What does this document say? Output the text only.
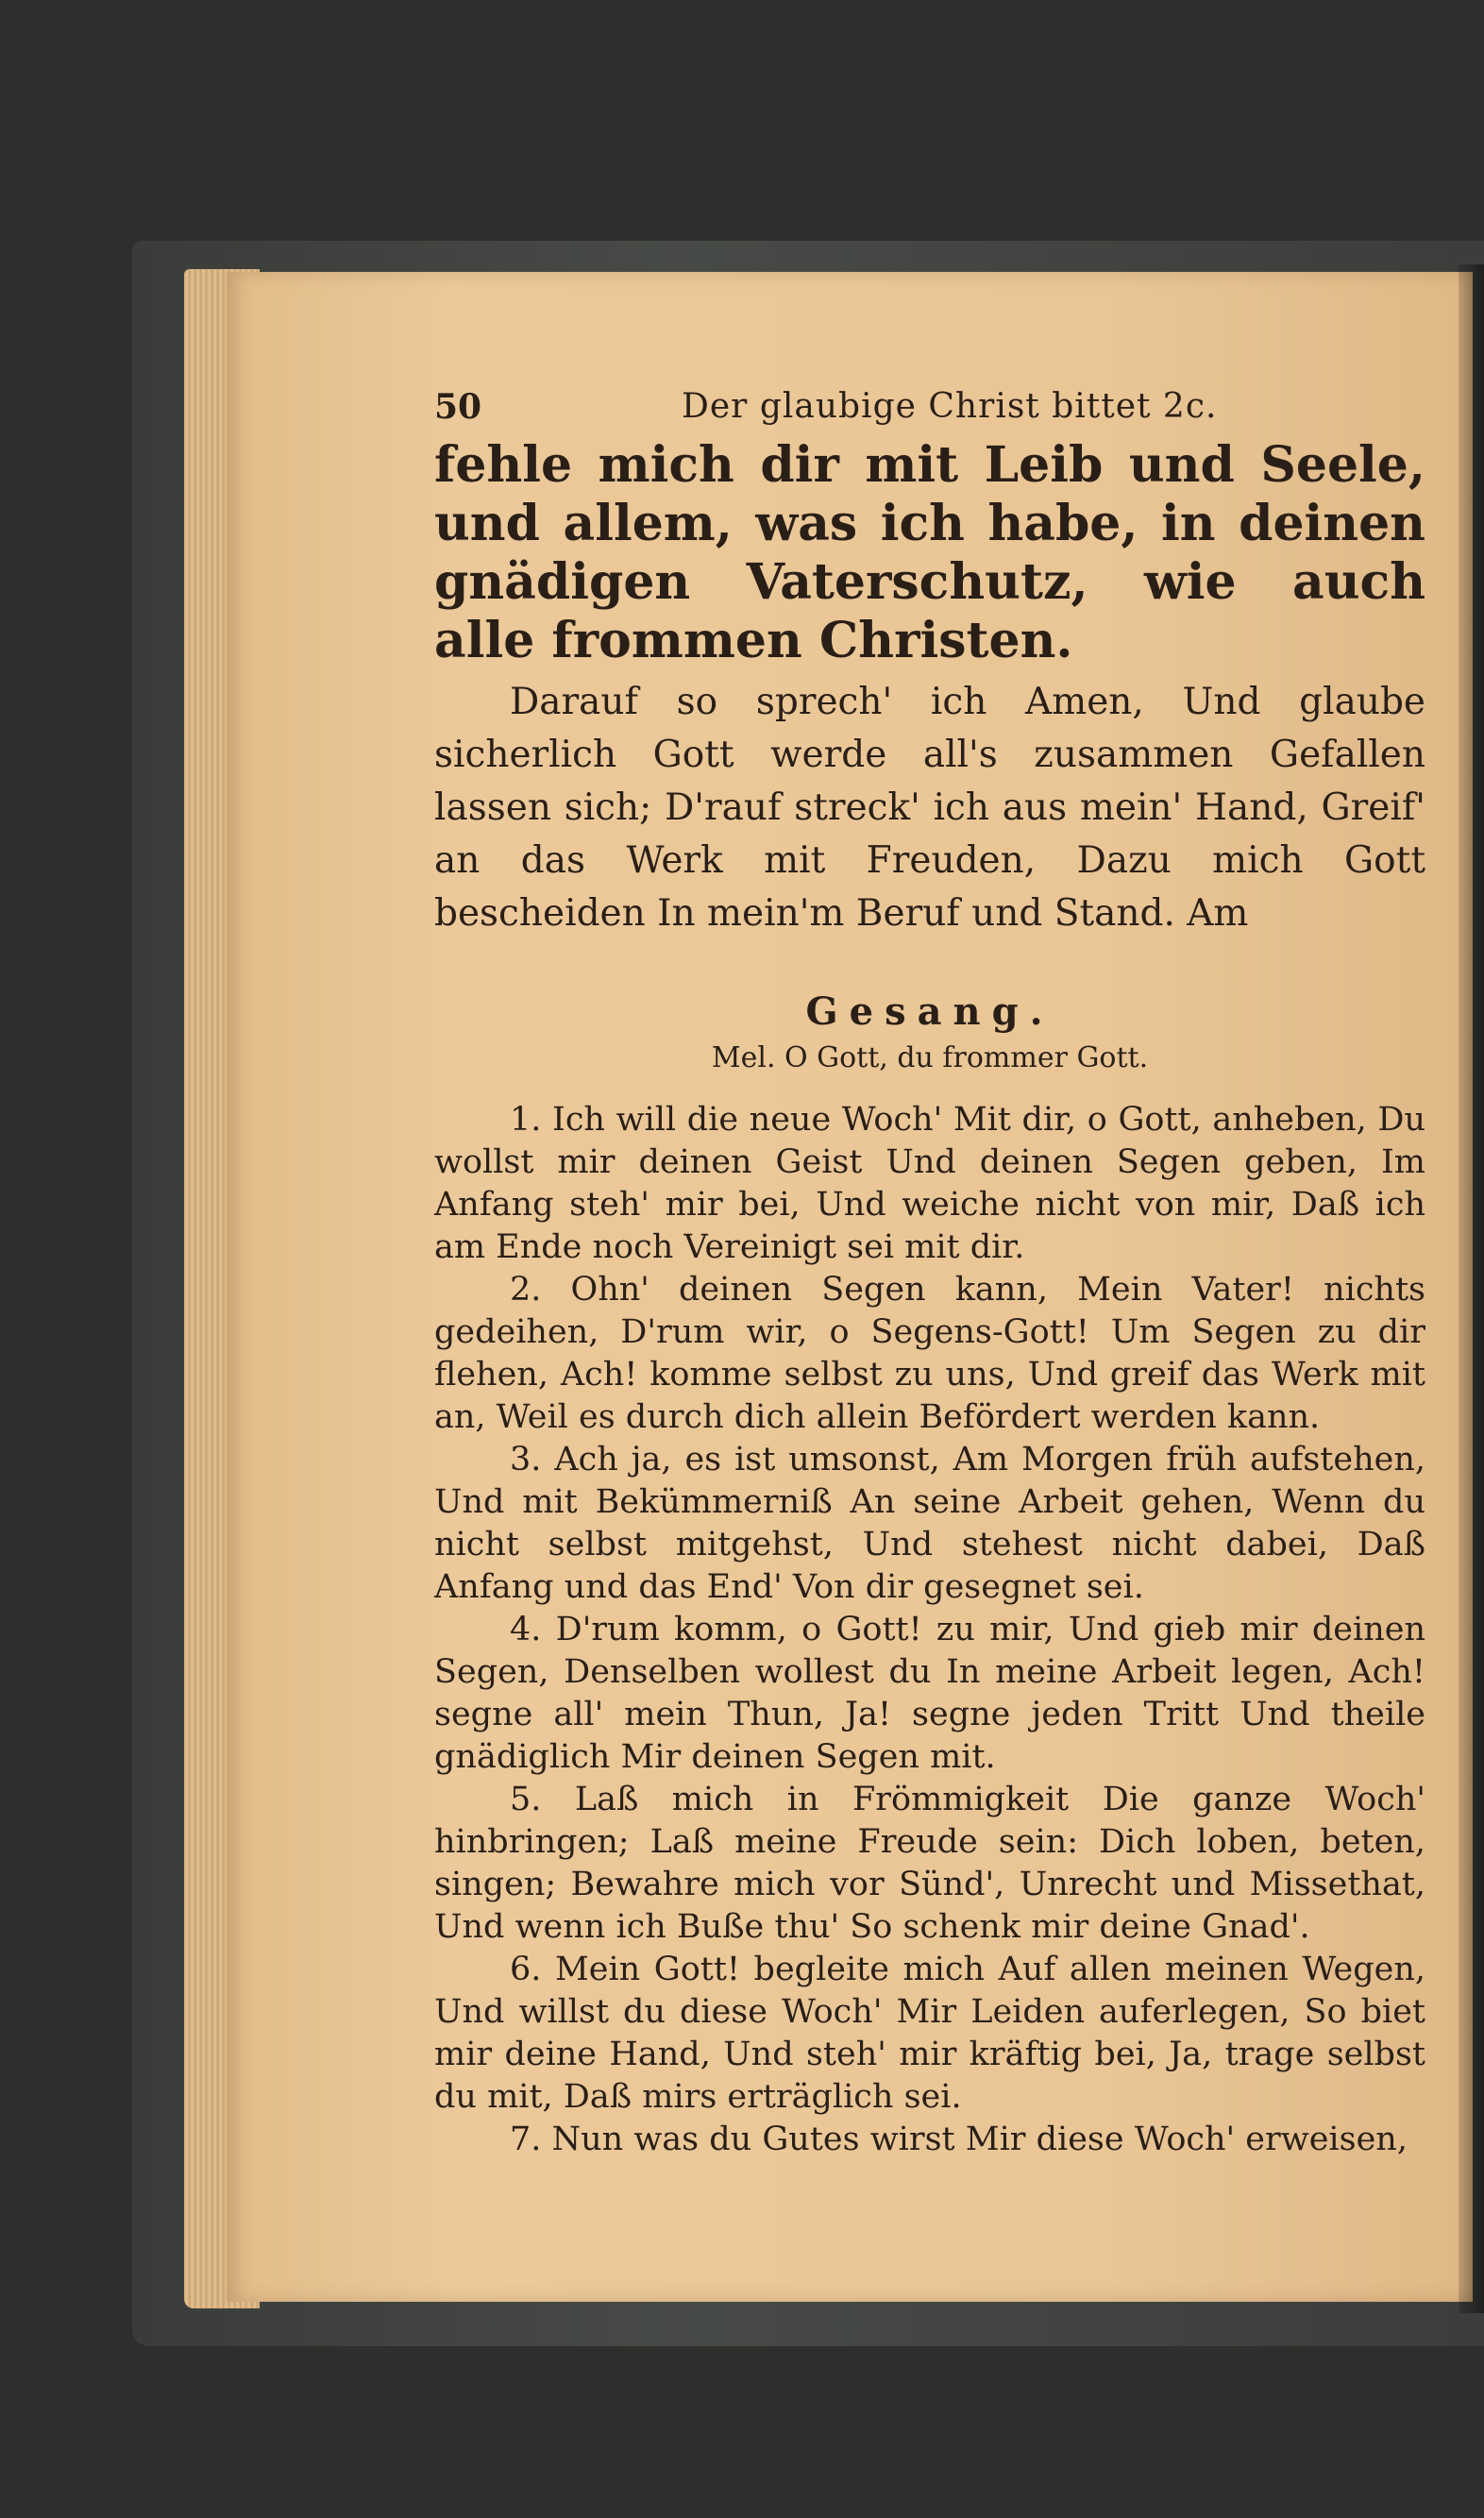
50	Der glaubige Christ bittet 2c.

fehle mich dir mit Leib und Seele, und allem, was ich habe, in deinen gnädigen Vaterschutz, wie auch alle frommen Christen.

Darauf so sprech' ich Amen, Und glaube sicherlich Gott werde all's zusammen Gefallen lassen sich; D'rauf streck' ich aus mein' Hand, Greif' an das Werk mit Freuden, Dazu mich Gott bescheiden In mein'm Beruf und Stand. Am

Gesang.
Mel. O Gott, du frommer Gott.

1. Ich will die neue Woch' Mit dir, o Gott, anheben, Du wollst mir deinen Geist Und deinen Segen geben, Im Anfang steh' mir bei, Und weiche nicht von mir, Daß ich am Ende noch Vereinigt sei mit dir.

2. Ohn' deinen Segen kann, Mein Vater! nichts gedeihen, D'rum wir, o Segens-Gott! Um Segen zu dir flehen, Ach! komme selbst zu uns, Und greif das Werk mit an, Weil es durch dich allein Befördert werden kann.

3. Ach ja, es ist umsonst, Am Morgen früh aufstehen, Und mit Bekümmerniß An seine Arbeit gehen, Wenn du nicht selbst mitgehst, Und stehest nicht dabei, Daß Anfang und das End' Von dir gesegnet sei.

4. D'rum komm, o Gott! zu mir, Und gieb mir deinen Segen, Denselben wollest du In meine Arbeit legen, Ach! segne all' mein Thun, Ja! segne jeden Tritt Und theile gnädiglich Mir deinen Segen mit.

5. Laß mich in Frömmigkeit Die ganze Woch' hinbringen; Laß meine Freude sein: Dich loben, beten, singen; Bewahre mich vor Sünd', Unrecht und Missethat, Und wenn ich Buße thu' So schenk mir deine Gnad'.

6. Mein Gott! begleite mich Auf allen meinen Wegen, Und willst du diese Woch' Mir Leiden auferlegen, So biet mir deine Hand, Und steh' mir kräftig bei, Ja, trage selbst du mit, Daß mirs erträglich sei.

7. Nun was du Gutes wirst Mir diese Woch' erweisen,
